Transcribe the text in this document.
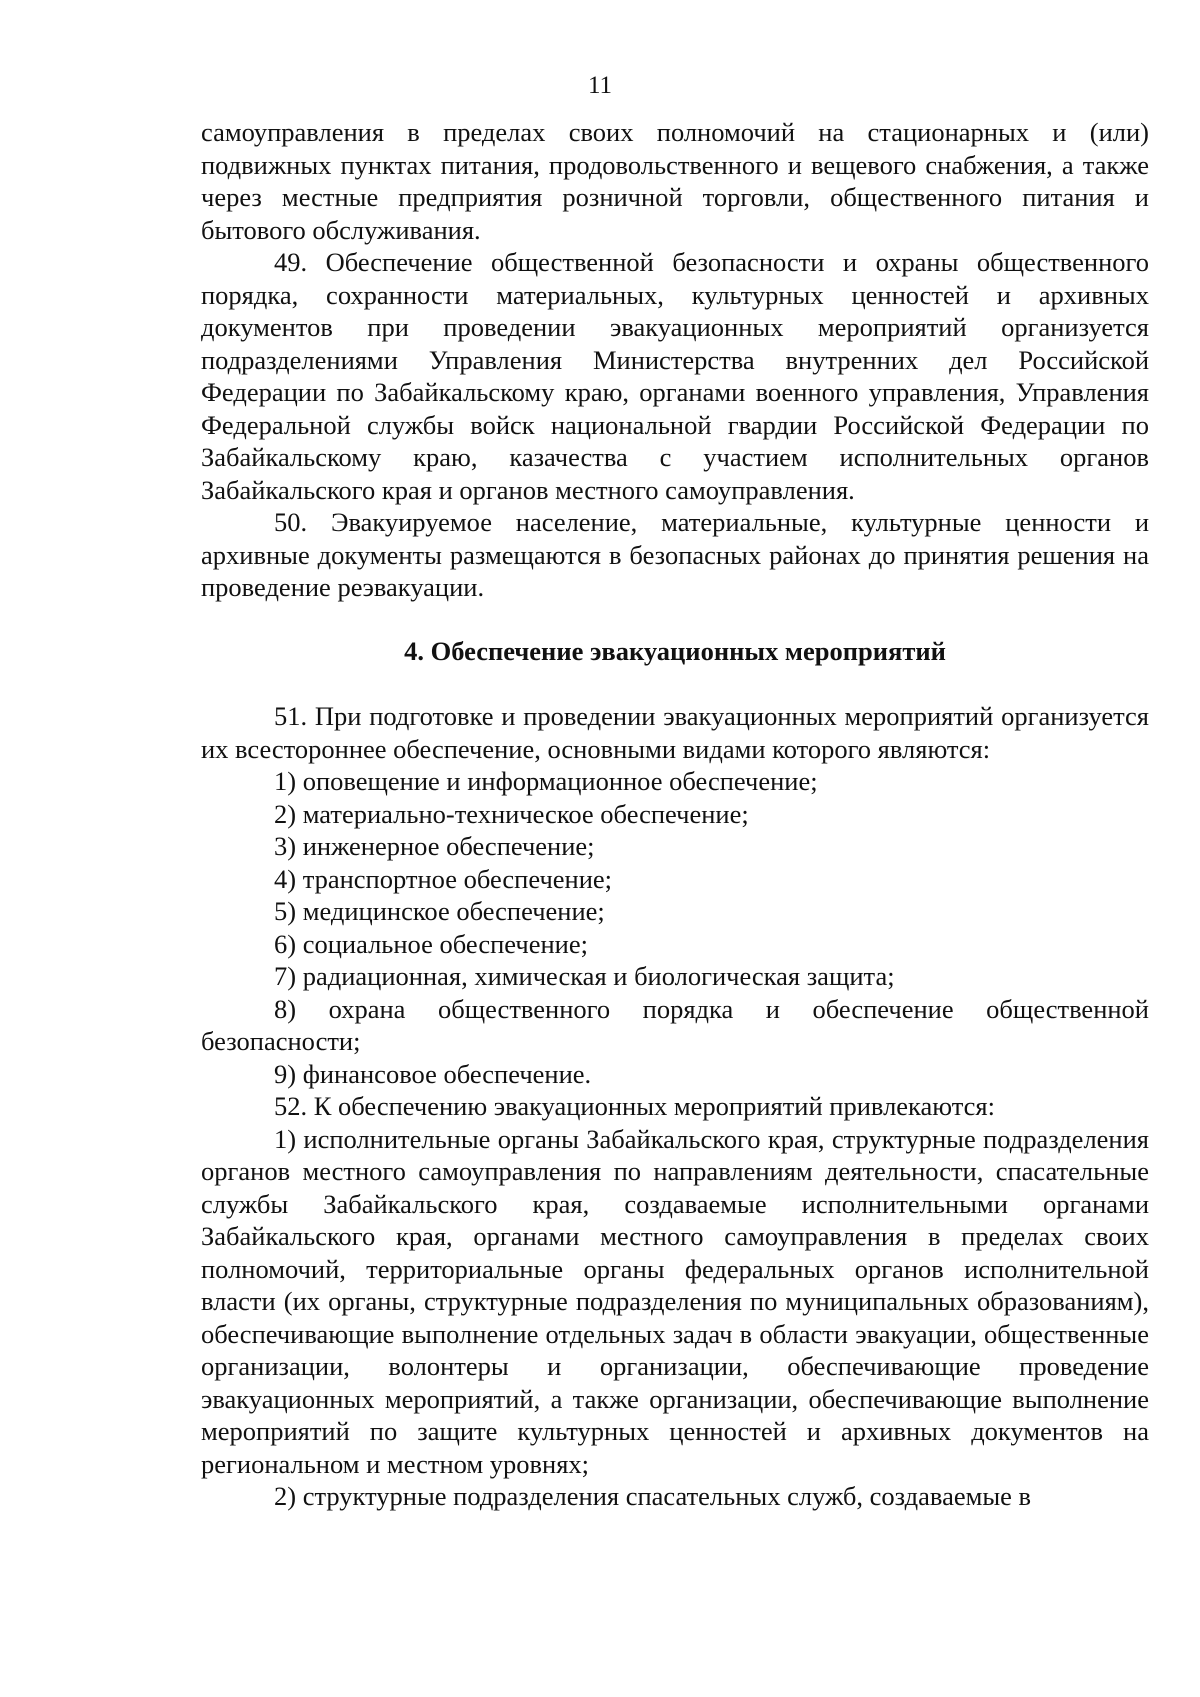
11

самоуправления в пределах своих полномочий на стационарных и (или) подвижных пунктах питания, продовольственного и вещевого снабжения, а также через местные предприятия розничной торговли, общественного питания и бытового обслуживания.

49. Обеспечение общественной безопасности и охраны общественного порядка, сохранности материальных, культурных ценностей и архивных документов при проведении эвакуационных мероприятий организуется подразделениями Управления Министерства внутренних дел Российской Федерации по Забайкальскому краю, органами военного управления, Управления Федеральной службы войск национальной гвардии Российской Федерации по Забайкальскому краю, казачества с участием исполнительных органов Забайкальского края и органов местного самоуправления.

50. Эвакуируемое население, материальные, культурные ценности и архивные документы размещаются в безопасных районах до принятия решения на проведение реэвакуации.

4. Обеспечение эвакуационных мероприятий

51. При подготовке и проведении эвакуационных мероприятий организуется их всестороннее обеспечение, основными видами которого являются:

1) оповещение и информационное обеспечение;

2) материально-техническое обеспечение;

3) инженерное обеспечение;

4) транспортное обеспечение;

5) медицинское обеспечение;

6) социальное обеспечение;

7) радиационная, химическая и биологическая защита;

8) охрана общественного порядка и обеспечение общественной безопасности;

9) финансовое обеспечение.

52. К обеспечению эвакуационных мероприятий привлекаются:

1) исполнительные органы Забайкальского края, структурные подразделения органов местного самоуправления по направлениям деятельности, спасательные службы Забайкальского края, создаваемые исполнительными органами Забайкальского края, органами местного самоуправления в пределах своих полномочий, территориальные органы федеральных органов исполнительной власти (их органы, структурные подразделения по муниципальных образованиям), обеспечивающие выполнение отдельных задач в области эвакуации, общественные организации, волонтеры и организации, обеспечивающие проведение эвакуационных мероприятий, а также организации, обеспечивающие выполнение мероприятий по защите культурных ценностей и архивных документов на региональном и местном уровнях;

2) структурные подразделения спасательных служб, создаваемые в
